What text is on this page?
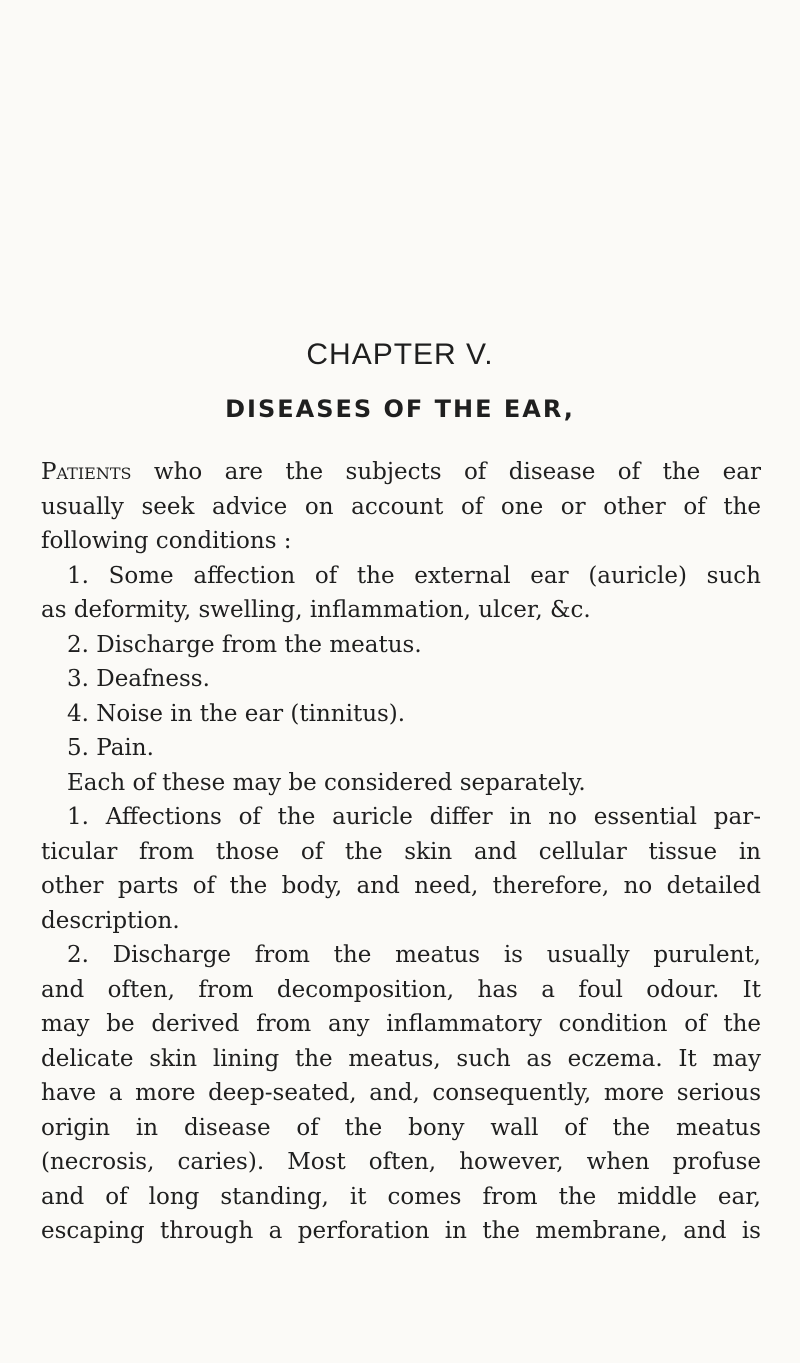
CHAPTER V.
DISEASES OF THE EAR,
Patients who are the subjects of disease of the ear
usually seek advice on account of one or other of the
following conditions :
1. Some affection of the external ear (auricle) such
as deformity, swelling, inflammation, ulcer, &c.
2. Discharge from the meatus.
3. Deafness.
4. Noise in the ear (tinnitus).
5. Pain.
Each of these may be considered separately.
1. Affections of the auricle differ in no essential par-
ticular from those of the skin and cellular tissue in
other parts of the body, and need, therefore, no detailed
description.
2. Discharge from the meatus is usually purulent,
and often, from decomposition, has a foul odour. It
may be derived from any inflammatory condition of the
delicate skin lining the meatus, such as eczema. It may
have a more deep-seated, and, consequently, more serious
origin in disease of the bony wall of the meatus
(necrosis, caries). Most often, however, when profuse
and of long standing, it comes from the middle ear,
escaping through a perforation in the membrane, and is
